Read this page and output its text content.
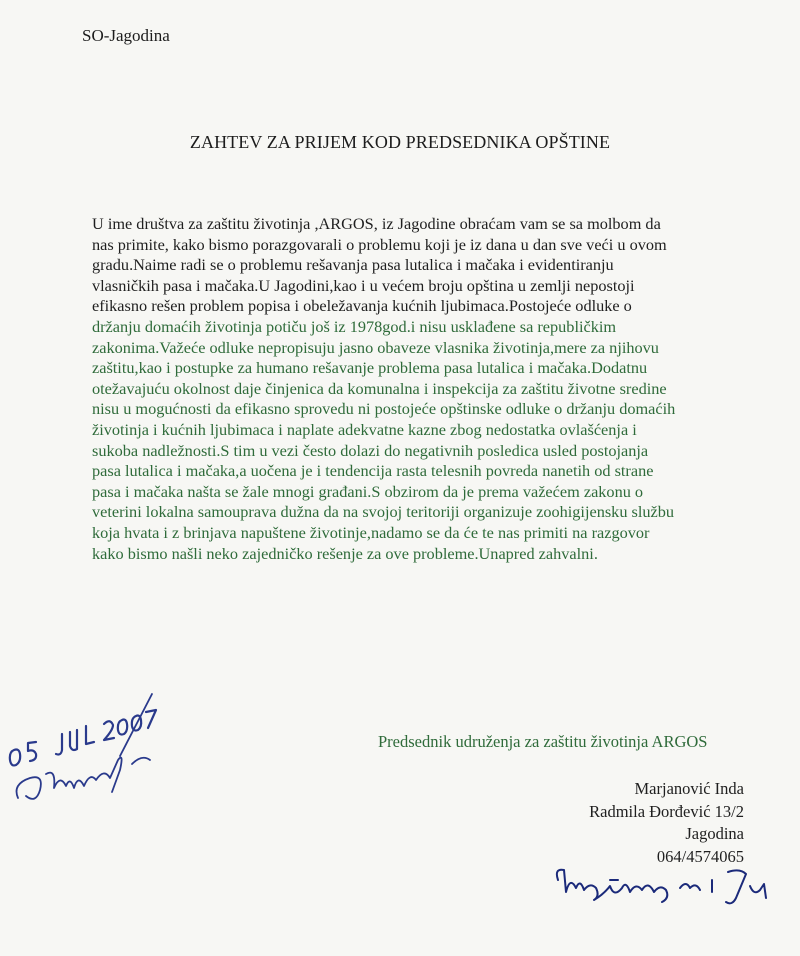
SO-Jagodina
ZAHTEV ZA PRIJEM KOD PREDSEDNIKA OPŠTINE
U ime društva za zaštitu životinja ,ARGOS, iz Jagodine obraćam vam se sa molbom da
nas primite, kako bismo porazgovarali o problemu koji je iz dana u dan sve veći u ovom
gradu.Naime radi se o problemu rešavanja pasa lutalica i mačaka i evidentiranju
vlasničkih pasa i mačaka.U Jagodini,kao i u većem broju opština u zemlji nepostoji
efikasno rešen problem popisa i obeležavanja kućnih ljubimaca.Postojeće odluke o
držanju domaćih životinja potiču još iz 1978god.i nisu usklađene sa republičkim
zakonima.Važeće odluke nepropisuju jasno obaveze vlasnika životinja,mere za njihovu
zaštitu,kao i postupke za humano rešavanje problema pasa lutalica i mačaka.Dodatnu
otežavajuću okolnost daje činjenica da komunalna i inspekcija za zaštitu životne sredine
nisu u mogućnosti da efikasno sprovedu ni postojeće opštinske odluke o držanju domaćih
životinja i kućnih ljubimaca i naplate adekvatne kazne zbog nedostatka ovlašćenja i
sukoba nadležnosti.S tim u vezi često dolazi do negativnih posledica usled postojanja
pasa lutalica i mačaka,a uočena je i tendencija rasta telesnih povreda nanetih od strane
pasa i mačaka našta se žale mnogi građani.S obzirom da je prema važećem zakonu o
veterini lokalna samouprava dužna da na svojoj teritoriji organizuje zoohigijensku službu
koja hvata i z brinjava napuštene životinje,nadamo se da će te nas primiti na razgovor
kako bismo našli neko zajedničko rešenje za ove probleme.Unapred zahvalni.
Predsednik udruženja za zaštitu životinja ARGOS
Marjanović Inda
Radmila Đorđević 13/2
Jagodina
064/4574065
